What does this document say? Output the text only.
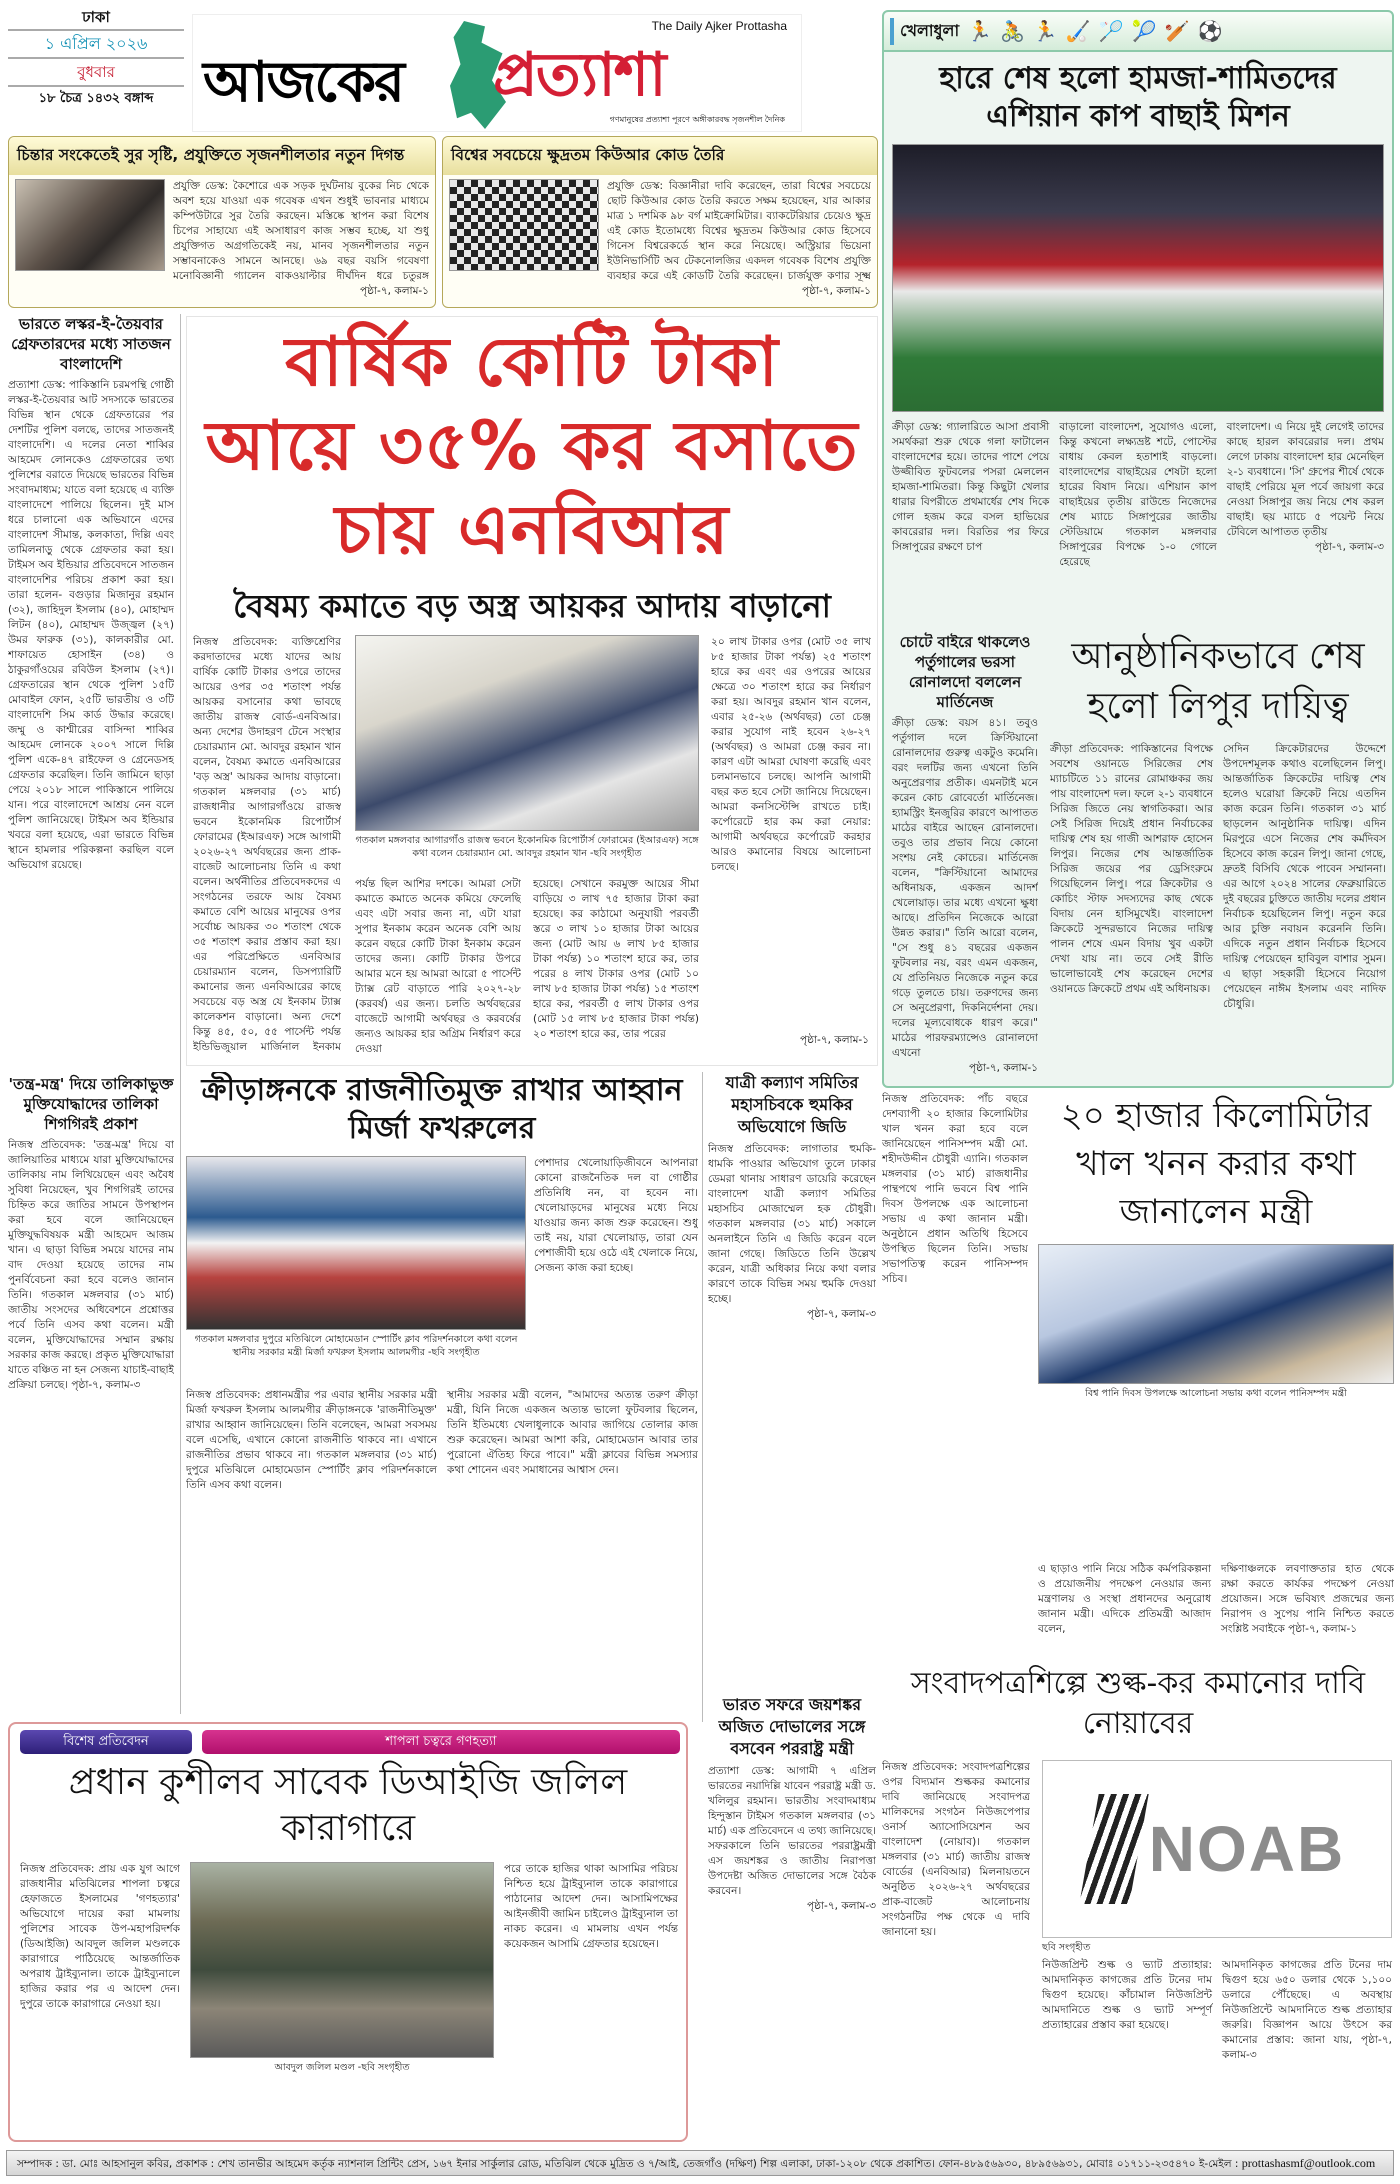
ঢাকা
১ এপ্রিল ২০২৬
বুধবার
১৮ চৈত্র ১৪৩২ বঙ্গাব্দ আজকের প্রত্যাশা
The Daily Ajker Prottasha
গণমানুষের প্রত্যাশা পূরণে অঙ্গীকারবদ্ধ সৃজনশীল দৈনিক
চিন্তার সংকেতেই সুর সৃষ্টি, প্রযুক্তিতে সৃজনশীলতার নতুন দিগন্ত
প্রযুক্তি ডেস্ক: কৈশোরে এক সড়ক দুর্ঘটনায় বুকের নিচ থেকে অবশ হয়ে যাওয়া এক গবেষক এখন শুধুই ভাবনার মাধ্যমে কম্পিউটারে সুর তৈরি করছেন। মস্তিষ্কে স্থাপন করা বিশেষ চিপের সাহায্যে এই অসাধারণ কাজ সম্ভব হচ্ছে, যা শুধু প্রযুক্তিগত অগ্রগতিকেই নয়, মানব সৃজনশীলতার নতুন সম্ভাবনাকেও সামনে আনছে। ৬৯ বছর বয়সি গবেষণা মনোবিজ্ঞানী গ্যালেন বাকওয়াল্টার দীর্ঘদিন ধরে চতুরঙ্গ
পৃষ্ঠা-৭, কলাম-১
বিশ্বের সবচেয়ে ক্ষুদ্রতম কিউআর কোড তৈরি
প্রযুক্তি ডেস্ক: বিজ্ঞানীরা দাবি করেছেন, তারা বিশ্বের সবচেয়ে ছোট কিউআর কোড তৈরি করতে সক্ষম হয়েছেন, যার আকার মাত্র ১ দশমিক ৯৮ বর্গ মাইক্রোমিটার। ব্যাকটেরিয়ার চেয়েও ক্ষুদ্র এই কোড ইতোমধ্যে বিশ্বের ক্ষুদ্রতম কিউআর কোড হিসেবে গিনেস বিশ্বরেকর্ডে স্থান করে নিয়েছে। অস্ট্রিয়ার ভিয়েনা ইউনিভার্সিটি অব টেকনোলজির একদল গবেষক বিশেষ প্রযুক্তি ব্যবহার করে এই কোডটি তৈরি করেছেন। চার্জযুক্ত কণার সূক্ষ্ম
পৃষ্ঠা-৭, কলাম-১
ভারতে লস্কর-ই-তৈয়বার গ্রেফতারদের মধ্যে সাতজন বাংলাদেশি
প্রত্যাশা ডেস্ক: পাকিস্তানি চরমপন্থি গোষ্ঠী লস্কর-ই-তৈয়বার আট সদস্যকে ভারতের বিভিন্ন স্থান থেকে গ্রেফতারের পর দেশটির পুলিশ বলছে, তাদের সাতজনই বাংলাদেশি। এ দলের নেতা শাব্বির আহমেদ লোনকেও গ্রেফতারের তথ্য পুলিশের বরাতে দিয়েছে ভারতের বিভিন্ন সংবাদমাধ্যম; যাতে বলা হয়েছে এ ব্যক্তি বাংলাদেশে পালিয়ে ছিলেন। দুই মাস ধরে চালানো এক অভিযানে এদের বাংলাদেশ সীমান্ত, কলকাতা, দিল্লি এবং তামিলনাড়ু থেকে গ্রেফতার করা হয়। টাইমস অব ইন্ডিয়ার প্রতিবেদনে সাতজন বাংলাদেশির পরিচয় প্রকাশ করা হয়। তারা হলেন- বগুড়ার মিজানুর রহমান (৩২), জাহিদুল ইসলাম (৪০), মোহাম্মদ লিটন (৪০), মোহাম্মদ উজ্জ্বল (২৭) উমর ফারুক (৩১), কালকারীর মো. শাফায়েত হোসাইন (৩৪) ও ঠাকুরগাঁওয়ের রবিউল ইসলাম (২৭)। গ্রেফতারের স্থান থেকে পুলিশ ১৫টি মোবাইল ফোন, ২৫টি ভারতীয় ও ৩টি বাংলাদেশি সিম কার্ড উদ্ধার করেছে। জম্মু ও কাশ্মীরের বাসিন্দা শাব্বির আহমেদ লোনকে ২০০৭ সালে দিল্লি পুলিশ একে-৪৭ রাইফেল ও গ্রেনেডসহ গ্রেফতার করেছিল। তিনি জামিনে ছাড়া পেয়ে ২০১৮ সালে পাকিস্তানে পালিয়ে যান। পরে বাংলাদেশে আশ্রয় নেন বলে পুলিশ জানিয়েছে। টাইমস অব ইন্ডিয়ার খবরে বলা হয়েছে, এরা ভারতে বিভিন্ন স্থানে হামলার পরিকল্পনা করছিল বলে অভিযোগ রয়েছে।
'তন্ত্র-মন্ত্র' দিয়ে তালিকাভুক্ত মুক্তিযোদ্ধাদের তালিকা শিগগিরই প্রকাশ
নিজস্ব প্রতিবেদক: 'তন্ত্র-মন্ত্র' দিয়ে বা জালিয়াতির মাধ্যমে যারা মুক্তিযোদ্ধাদের তালিকায় নাম লিখিয়েছেন এবং অবৈধ সুবিধা নিয়েছেন, খুব শিগগিরই তাদের চিহ্নিত করে জাতির সামনে উপস্থাপন করা হবে বলে জানিয়েছেন মুক্তিযুদ্ধবিষয়ক মন্ত্রী আহমেদ আজম খান। এ ছাড়া বিভিন্ন সময়ে যাদের নাম বাদ দেওয়া হয়েছে তাদের নাম পুনর্বিবেচনা করা হবে বলেও জানান তিনি। গতকাল মঙ্গলবার (৩১ মার্চ) জাতীয় সংসদের অধিবেশনে প্রশ্নোত্তর পর্বে তিনি এসব কথা বলেন। মন্ত্রী বলেন, মুক্তিযোদ্ধাদের সম্মান রক্ষায় সরকার কাজ করছে। প্রকৃত মুক্তিযোদ্ধারা যাতে বঞ্চিত না হন সেজন্য যাচাই-বাছাই প্রক্রিয়া চলছে। পৃষ্ঠা-৭, কলাম-৩
বার্ষিক কোটি টাকা
আয়ে ৩৫% কর বসাতে
চায় এনবিআর
বৈষম্য কমাতে বড় অস্ত্র আয়কর আদায় বাড়ানো
নিজস্ব প্রতিবেদক: ব্যক্তিশ্রেণির করদাতাদের মধ্যে যাদের আয় বার্ষিক কোটি টাকার ওপরে তাদের আয়ের ওপর ৩৫ শতাংশ পর্যন্ত আয়কর বসানোর কথা ভাবছে জাতীয় রাজস্ব বোর্ড-এনবিআর। অন্য দেশের উদাহরণ টেনে সংস্থার চেয়ারম্যান মো. আবদুর রহমান খান বলেন, বৈষম্য কমাতে এনবিআরের 'বড় অস্ত্র' আয়কর আদায় বাড়ানো। গতকাল মঙ্গলবার (৩১ মার্চ) রাজধানীর আগারগাঁওয়ে রাজস্ব ভবনে ইকোনমিক রিপোর্টার্স ফোরামের (ইআরএফ) সঙ্গে আগামী ২০২৬-২৭ অর্থবছরের জন্য প্রাক-বাজেট আলোচনায় তিনি এ কথা বলেন। অর্থনীতির প্রতিবেদকদের এ সংগঠনের তরফে আয় বৈষম্য কমাতে বেশি আয়ের মানুষের ওপর সর্বোচ্চ আয়কর ৩০ শতাংশ থেকে ৩৫ শতাংশ করার প্রস্তাব করা হয়। এর পরিপ্রেক্ষিতে এনবিআর চেয়ারম্যান বলেন, ডিসপ্যারিটি কমানোর জন্য এনবিআরের কাছে সবচেয়ে বড় অস্ত্র যে ইনকাম ট্যাক্স কালেকশন বাড়ানো। অন্য দেশে কিন্তু ৪৫, ৫০, ৫৫ পার্সেন্ট পর্যন্ত ইন্ডিভিজুয়াল মার্জিনাল ইনকাম
গতকাল মঙ্গলবার আগারগাঁও রাজস্ব ভবনে ইকোনমিক রিপোর্টার্স ফোরামের (ইআরএফ) সঙ্গে কথা বলেন চেয়ারম্যান মো. আবদুর রহমান খান -ছবি সংগৃহীত
পর্যন্ত ছিল আশির দশকে। আমরা সেটা কমাতে কমাতে অনেক কমিয়ে ফেলেছি এবং এটা সবার জন্য না, এটা যারা সুপার ইনকাম করেন অনেক বেশি আয় করেন বছরে কোটি টাকা ইনকাম করেন তাদের জন্য। কোটি টাকার উপরে আমার মনে হয় আমরা আরো ৫ পার্সেন্ট ট্যাক্স রেট বাড়াতে পারি ২০২৭-২৮ (করবর্ষ) এর জন্য। চলতি অর্থবছরের বাজেটে আগামী অর্থবছর ও করবর্ষের জন্যও আয়কর হার অগ্রিম নির্ধারণ করে দেওয়া
হয়েছে। সেখানে করমুক্ত আয়ের সীমা বাড়িয়ে ৩ লাখ ৭৫ হাজার টাকা করা হয়েছে। কর কাঠামো অনুযায়ী পরবর্তী স্তরে ৩ লাখ ১০ হাজার টাকা আয়ের জন্য (মোট আয় ৬ লাখ ৮৫ হাজার টাকা পর্যন্ত) ১০ শতাংশ হারে কর, তার পরের ৪ লাখ টাকার ওপর (মোট ১০ লাখ ৮৫ হাজার টাকা পর্যন্ত) ১৫ শতাংশ হারে কর, পরবর্তী ৫ লাখ টাকার ওপর (মোট ১৫ লাখ ৮৫ হাজার টাকা পর্যন্ত) ২০ শতাংশ হারে কর, তার পরের
২০ লাখ টাকার ওপর (মোট ৩৫ লাখ ৮৫ হাজার টাকা পর্যন্ত) ২৫ শতাংশ হারে কর এবং এর ওপরের আয়ের ক্ষেত্রে ৩০ শতাংশ হারে কর নির্ধারণ করা হয়। আবদুর রহমান খান বলেন, এবার ২৫-২৬ (অর্থবছর) তো চেঞ্জ করার সুযোগ নাই হবেন ২৬-২৭ (অর্থবছর) ও আমরা চেঞ্জ করব না। কারণ এটা আমরা ঘোষণা করেছি এবং চলমানভাবে চলছে। আপনি আগামী বছর কত হবে সেটা জানিয়ে দিয়েছেন। আমরা কনসিস্টেন্সি রাখতে চাই। কর্পোরেটে হার কম করা নেয়ার: আগামী অর্থবছরে কর্পোরেট করহার আরও কমানোর বিষয়ে আলোচনা চলছে।
পৃষ্ঠা-৭, কলাম-১
ক্রীড়াঙ্গনকে রাজনীতিমুক্ত রাখার আহ্বান মির্জা ফখরুলের
গতকাল মঙ্গলবার দুপুরে মতিঝিলে মোহামেডান স্পোর্টিং ক্লাব পরিদর্শনকালে কথা বলেন স্থানীয় সরকার মন্ত্রী মির্জা ফখরুল ইসলাম আলমগীর -ছবি সংগৃহীত
পেশাদার খেলোয়াড়িজীবনে আপনারা কোনো রাজনৈতিক দল বা গোষ্ঠীর প্রতিনিধি নন, বা হবেন না। খেলোয়াড়দের মানুষের মধ্যে নিয়ে যাওয়ার জন্য কাজ শুরু করেছেন। শুধু তাই নয়, যারা খেলোয়াড়, তারা যেন পেশাজীবী হয়ে ওঠে এই খেলাকে নিয়ে, সেজন্য কাজ করা হচ্ছে।
নিজস্ব প্রতিবেদক: প্রধানমন্ত্রীর পর এবার স্থানীয় সরকার মন্ত্রী মির্জা ফখরুল ইসলাম আলমগীর ক্রীড়াঙ্গনকে 'রাজনীতিমুক্ত' রাখার আহ্বান জানিয়েছেন। তিনি বলেছেন, আমরা সবসময় বলে এসেছি, এখানে কোনো রাজনীতি থাকবে না। এখানে রাজনীতির প্রভাব থাকবে না। গতকাল মঙ্গলবার (৩১ মার্চ) দুপুরে মতিঝিলে মোহামেডান স্পোর্টিং ক্লাব পরিদর্শনকালে তিনি এসব কথা বলেন।
স্থানীয় সরকার মন্ত্রী বলেন, "আমাদের অত্যন্ত তরুণ ক্রীড়া মন্ত্রী, যিনি নিজে একজন অত্যন্ত ভালো ফুটবলার ছিলেন, তিনি ইতিমধ্যে খেলাধুলাকে আবার জাগিয়ে তোলার কাজ শুরু করেছেন। আমরা আশা করি, মোহামেডান আবার তার পুরোনো ঐতিহ্য ফিরে পাবে।" মন্ত্রী ক্লাবের বিভিন্ন সমস্যার কথা শোনেন এবং সমাধানের আশ্বাস দেন।
যাত্রী কল্যাণ সমিতির মহাসচিবকে হুমকির অভিযোগে জিডি
নিজস্ব প্রতিবেদক: লাগাতার হুমকি-ধামকি পাওয়ার অভিযোগ তুলে ঢাকার ডেমরা থানায় সাধারণ ডায়েরি করেছেন বাংলাদেশ যাত্রী কল্যাণ সমিতির মহাসচিব মোজাম্মেল হক চৌধুরী। গতকাল মঙ্গলবার (৩১ মার্চ) সকালে অনলাইনে তিনি এ জিডি করেন বলে জানা গেছে। জিডিতে তিনি উল্লেখ করেন, যাত্রী অধিকার নিয়ে কথা বলার কারণে তাকে বিভিন্ন সময় হুমকি দেওয়া হচ্ছে।
পৃষ্ঠা-৭, কলাম-৩
ভারত সফরে জয়শঙ্কর অজিত দোভালের সঙ্গে বসবেন পররাষ্ট্র মন্ত্রী
প্রত্যাশা ডেস্ক: আগামী ৭ এপ্রিল ভারতের নয়াদিল্লি যাবেন পররাষ্ট্র মন্ত্রী ড. খলিলুর রহমান। ভারতীয় সংবাদমাধ্যম হিন্দুস্তান টাইমস গতকাল মঙ্গলবার (৩১ মার্চ) এক প্রতিবেদনে এ তথ্য জানিয়েছে। সফরকালে তিনি ভারতের পররাষ্ট্রমন্ত্রী এস জয়শঙ্কর ও জাতীয় নিরাপত্তা উপদেষ্টা অজিত দোভালের সঙ্গে বৈঠক করবেন।
পৃষ্ঠা-৭, কলাম-৩
খেলাধুলা 🏃 🚴 🏃 🏑 🏸 🎾 🏏 ⚽
হারে শেষ হলো হামজা-শামিতদের এশিয়ান কাপ বাছাই মিশন
ক্রীড়া ডেস্ক: গ্যালারিতে আসা প্রবাসী সমর্থকরা শুরু থেকে গলা ফাটালেন বাংলাদেশের হয়ে। তাদের পাশে পেয়ে উজ্জীবিত ফুটবলের পসরা মেললেন হামজা-শামিতরা। কিন্তু কিছুটা খেলার ধারার বিপরীতে প্রথমার্ধের শেষ দিকে গোল হজম করে বসল হাভিয়ের কাবরেরার দল। বিরতির পর ফিরে সিঙ্গাপুরের রক্ষণে চাপ
বাড়ালো বাংলাদেশ, সুযোগও এলো, কিন্তু কখনো লক্ষ্যভ্রষ্ট শটে, পোস্টের বাধায় কেবল হতাশাই বাড়লো। বাংলাদেশের বাছাইয়ের শেষটা হলো হারের বিষাদ নিয়ে। এশিয়ান কাপ বাছাইয়ের তৃতীয় রাউন্ডে নিজেদের শেষ ম্যাচে সিঙ্গাপুরের জাতীয় স্টেডিয়ামে গতকাল মঙ্গলবার সিঙ্গাপুরের বিপক্ষে ১-০ গোলে হেরেছে
বাংলাদেশ। এ নিয়ে দুই লেগেই তাদের কাছে হারল কাবরেরার দল। প্রথম লেগে ঢাকায় বাংলাদেশ হার মেনেছিল ২-১ ব্যবধানে। 'সি' গ্রুপের শীর্ষে থেকে বাছাই পেরিয়ে মূল পর্বে জায়গা করে নেওয়া সিঙ্গাপুর জয় নিয়ে শেষ করল বাছাই। ছয় ম্যাচে ৫ পয়েন্ট নিয়ে টেবিলে আপাতত তৃতীয়
পৃষ্ঠা-৭, কলাম-৩
চোটে বাইরে থাকলেও পর্তুগালের ভরসা রোনালদো বললেন মার্তিনেজ
ক্রীড়া ডেস্ক: বয়স ৪১। তবুও পর্তুগাল দলে ক্রিস্টিয়ানো রোনালদোর গুরুত্ব একটুও কমেনি। বরং দলটির জন্য এখনো তিনি অনুপ্রেরণার প্রতীক। এমনটাই মনে করেন কোচ রোবের্তো মার্তিনেজ। হ্যামস্ট্রিং ইনজুরির কারণে আপাতত মাঠের বাইরে আছেন রোনালদো। তবুও তার প্রভাব নিয়ে কোনো সংশয় নেই কোচের। মার্তিনেজ বলেন, "ক্রিস্টিয়ানো আমাদের অধিনায়ক, একজন আদর্শ খেলোয়াড়। তার মধ্যে এখনো ক্ষুধা আছে। প্রতিদিন নিজেকে আরো উন্নত করার।" তিনি আরো বলেন, "সে শুধু ৪১ বছরের একজন ফুটবলার নয়, বরং এমন একজন, যে প্রতিনিয়ত নিজেকে নতুন করে গড়ে তুলতে চায়। তরুণদের জন্য সে অনুপ্রেরণা, দিকনির্দেশনা দেয়। দলের মূল্যবোধকে ধারণ করে।" মাঠের পারফরম্যান্সেও রোনালদো এখনো
পৃষ্ঠা-৭, কলাম-১
আনুষ্ঠানিকভাবে শেষ হলো লিপুর দায়িত্ব
ক্রীড়া প্রতিবেদক: পাকিস্তানের বিপক্ষে সবশেষ ওয়ানডে সিরিজের শেষ ম্যাচটিতে ১১ রানের রোমাঞ্চকর জয় পায় বাংলাদেশ দল। ফলে ২-১ ব্যবধানে সিরিজ জিতে নেয় স্বাগতিকরা। আর সেই সিরিজ দিয়েই প্রধান নির্বাচকের দায়িত্ব শেষ হয় গাজী আশরাফ হোসেন লিপুর। নিজের শেষ আন্তর্জাতিক সিরিজ জয়ের পর ড্রেসিংরুমে গিয়েছিলেন লিপু। পরে ক্রিকেটার ও কোচিং স্টাফ সদস্যদের কাছ থেকে বিদায় নেন হাসিমুখেই। বাংলাদেশ ক্রিকেটে সুন্দরভাবে নিজের দায়িত্ব পালন শেষে এমন বিদায় খুব একটা দেখা যায় না। তবে সেই রীতি ভালোভাবেই শেষ করেছেন দেশের ওয়ানডে ক্রিকেটে প্রথম এই অধিনায়ক।
সেদিন ক্রিকেটারদের উদ্দেশে উপদেশমূলক কথাও বলেছিলেন লিপু। আন্তর্জাতিক ক্রিকেটের দায়িত্ব শেষ হলেও ঘরোয়া ক্রিকেট নিয়ে এতদিন কাজ করেন তিনি। গতকাল ৩১ মার্চ ছাড়লেন আনুষ্ঠানিক দায়িত্ব। এদিন মিরপুরে এসে নিজের শেষ কর্মদিবস হিসেবে কাজ করেন লিপু। জানা গেছে, দ্রুতই বিসিবি থেকে পাবেন সম্মাননা। এর আগে ২০২৪ সালের ফেব্রুয়ারিতে দুই বছরের চুক্তিতে জাতীয় দলের প্রধান নির্বাচক হয়েছিলেন লিপু। নতুন করে আর চুক্তি নবায়ন করেননি তিনি। এদিকে নতুন প্রধান নির্বাচক হিসেবে দায়িত্ব পেয়েছেন হাবিবুল বাশার সুমন। এ ছাড়া সহকারী হিসেবে নিয়োগ পেয়েছেন নাঈম ইসলাম এবং নাদিফ চৌধুরি।
নিজস্ব প্রতিবেদক: পাঁচ বছরে দেশব্যাপী ২০ হাজার কিলোমিটার খাল খনন করা হবে বলে জানিয়েছেন পানিসম্পদ মন্ত্রী মো. শহীদউদ্দীন চৌধুরী এ্যানি। গতকাল মঙ্গলবার (৩১ মার্চ) রাজধানীর পান্থপথে পানি ভবনে বিশ্ব পানি দিবস উপলক্ষে এক আলোচনা সভায় এ কথা জানান মন্ত্রী। অনুষ্ঠানে প্রধান অতিথি হিসেবে উপস্থিত ছিলেন তিনি। সভায় সভাপতিত্ব করেন পানিসম্পদ সচিব।
২০ হাজার কিলোমিটার খাল খনন করার কথা জানালেন মন্ত্রী
বিশ্ব পানি দিবস উপলক্ষে আলোচনা সভায় কথা বলেন পানিসম্পদ মন্ত্রী
এ ছাড়াও পানি নিয়ে সঠিক কর্মপরিকল্পনা ও প্রয়োজনীয় পদক্ষেপ নেওয়ার জন্য মন্ত্রণালয় ও সংস্থা প্রধানদের অনুরোধ জানান মন্ত্রী। এদিকে প্রতিমন্ত্রী আজাদ বলেন,
দক্ষিণাঞ্চলকে লবণাক্ততার হাত থেকে রক্ষা করতে কার্যকর পদক্ষেপ নেওয়া প্রয়োজন। সঙ্গে ভবিষ্যৎ প্রজন্মের জন্য নিরাপদ ও সুপেয় পানি নিশ্চিত করতে সংশ্লিষ্ট সবাইকে পৃষ্ঠা-৭, কলাম-১
সংবাদপত্রশিল্পে শুল্ক-কর কমানোর দাবি নোয়াবের
নিজস্ব প্রতিবেদক: সংবাদপত্রশিল্পের ওপর বিদ্যমান শুল্ককর কমানোর দাবি জানিয়েছে সংবাদপত্র মালিকদের সংগঠন নিউজপেপার ওনার্স অ্যাসোসিয়েশন অব বাংলাদেশ (নোয়াব)। গতকাল মঙ্গলবার (৩১ মার্চ) জাতীয় রাজস্ব বোর্ডের (এনবিআর) মিলনায়তনে অনুষ্ঠিত ২০২৬-২৭ অর্থবছরের প্রাক-বাজেট আলোচনায় সংগঠনটির পক্ষ থেকে এ দাবি জানানো হয়।
NOAB
ছবি সংগৃহীত
নিউজপ্রিন্ট শুল্ক ও ভ্যাট প্রত্যাহার: আমদানিকৃত কাগজের প্রতি টনের দাম দ্বিগুণ হয়েছে। কাঁচামাল নিউজপ্রিন্ট আমদানিতে শুল্ক ও ভ্যাট সম্পূর্ণ প্রত্যাহারের প্রস্তাব করা হয়েছে।
আমদানিকৃত কাগজের প্রতি টনের দাম দ্বিগুণ হয়ে ৬৫০ ডলার থেকে ১,১০০ ডলারে পৌঁছেছে। এ অবস্থায় নিউজপ্রিন্টে আমদানিতে শুল্ক প্রত্যাহার জরুরি। বিজ্ঞাপন আয়ে উৎসে কর কমানোর প্রস্তাব: জানা যায়, পৃষ্ঠা-৭, কলাম-৩
বিশেষ প্রতিবেদন	শাপলা চত্বরে গণহত্যা
প্রধান কুশীলব সাবেক ডিআইজি জলিল কারাগারে
নিজস্ব প্রতিবেদক: প্রায় এক যুগ আগে রাজধানীর মতিঝিলের শাপলা চত্বরে হেফাজতে ইসলামের 'গণহত্যার' অভিযোগে দায়ের করা মামলায় পুলিশের সাবেক উপ-মহাপরিদর্শক (ডিআইজি) আবদুল জলিল মণ্ডলকে কারাগারে পাঠিয়েছে আন্তর্জাতিক অপরাধ ট্রাইব্যুনাল। তাকে ট্রাইব্যুনালে হাজির করার পর এ আদেশ দেন। দুপুরে তাকে কারাগারে নেওয়া হয়।
আবদুল জলিল মণ্ডল -ছবি সংগৃহীত
পরে তাকে হাজির থাকা আসামির পরিচয় নিশ্চিত হয়ে ট্রাইব্যুনাল তাকে কারাগারে পাঠানোর আদেশ দেন। আসামিপক্ষের আইনজীবী জামিন চাইলেও ট্রাইব্যুনাল তা নাকচ করেন। এ মামলায় এখন পর্যন্ত কয়েকজন আসামি গ্রেফতার হয়েছেন।
সম্পাদক : ডা. মোঃ আহসানুল কবির, প্রকাশক : শেখ তানভীর আহমেদ কর্তৃক ন্যাশনাল প্রিন্টিং প্রেস, ১৬৭ ইনার সার্কুলার রোড, মতিঝিল থেকে মুদ্রিত ও ৭/আই, তেজগাঁও (দক্ষিণ) শিল্প এলাকা, ঢাকা-১২০৮ থেকে প্রকাশিত। ফোন-৪৮৯৫৬৯৩০, ৪৮৯৫৬৯৩১, মোবাঃ ০১৭১১-২৩৫৪৭০ ই-মেইল : prottashasmf@outlook.com
